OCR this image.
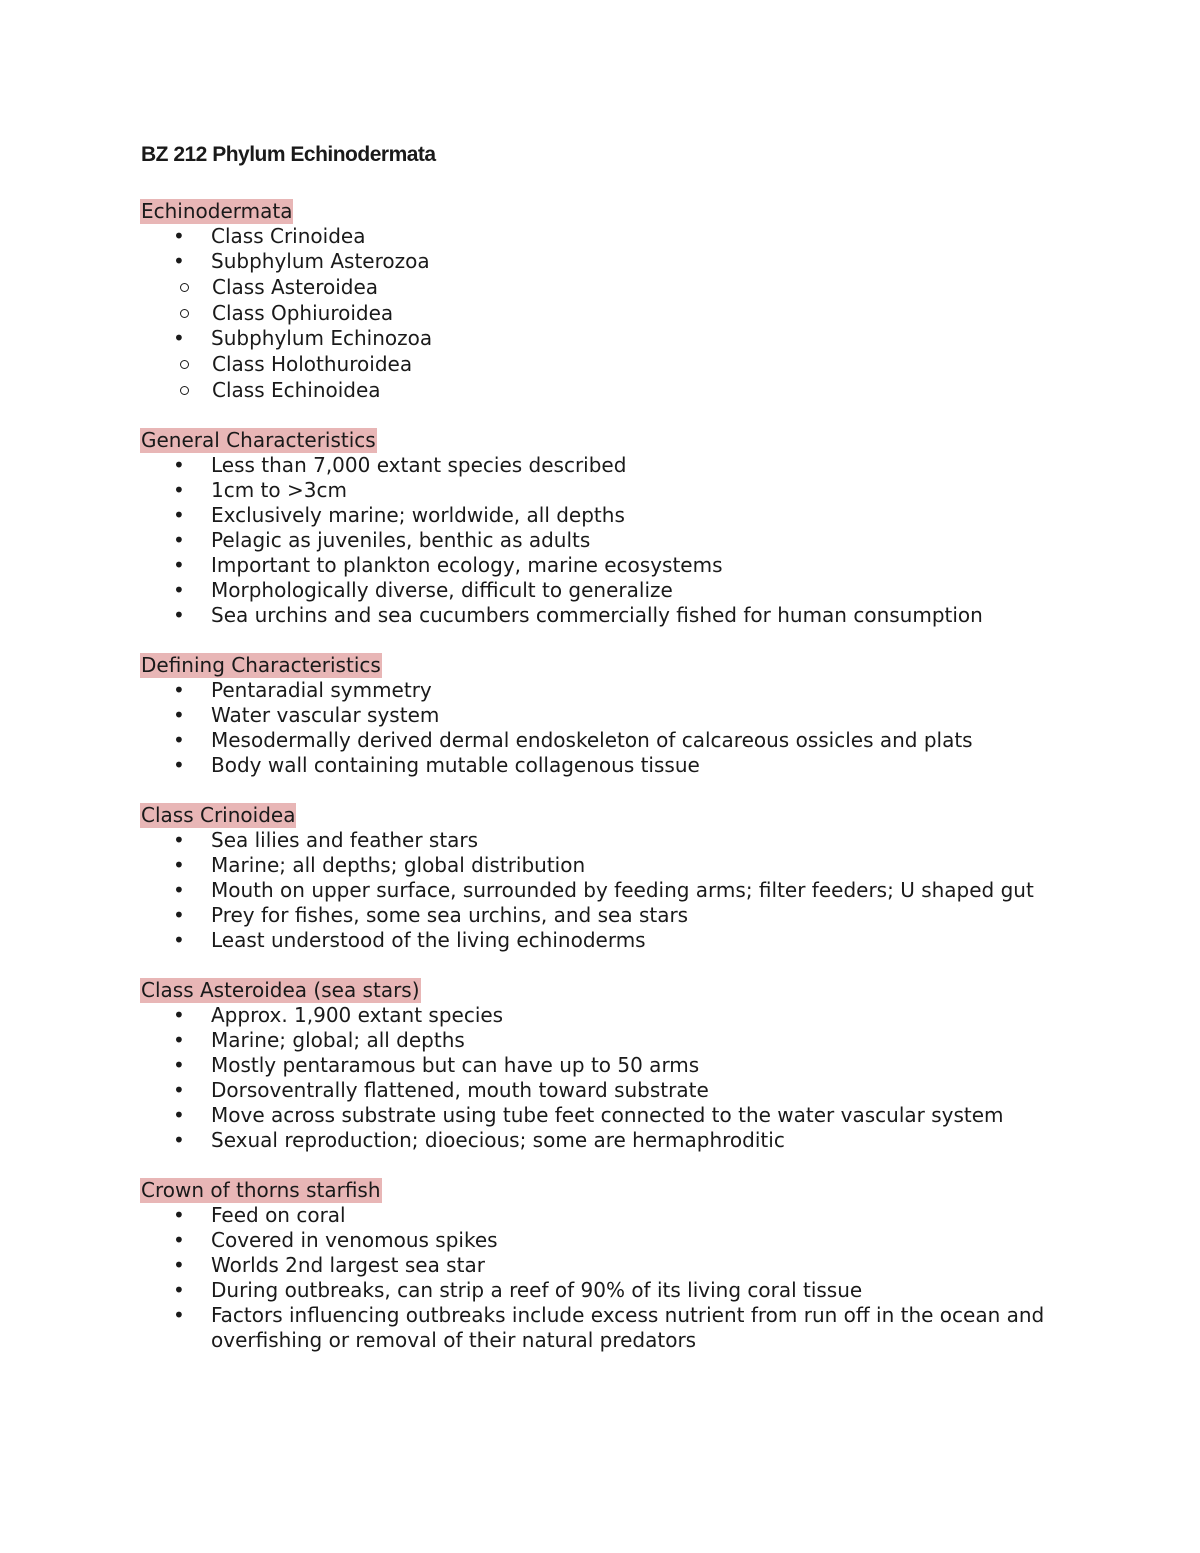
BZ 212 Phylum Echinodermata
Echinodermata
• Class Crinoidea
• Subphylum Asterozoa
Class Asteroidea
Class Ophiuroidea
• Subphylum Echinozoa
Class Holothuroidea
Class Echinoidea
General Characteristics
• Less than 7,000 extant species described
• 1cm to >3cm
• Exclusively marine; worldwide, all depths
• Pelagic as juveniles, benthic as adults
• Important to plankton ecology, marine ecosystems
• Morphologically diverse, difficult to generalize
• Sea urchins and sea cucumbers commercially fished for human consumption
Defining Characteristics
• Pentaradial symmetry
• Water vascular system
• Mesodermally derived dermal endoskeleton of calcareous ossicles and plats
• Body wall containing mutable collagenous tissue
Class Crinoidea
• Sea lilies and feather stars
• Marine; all depths; global distribution
• Mouth on upper surface, surrounded by feeding arms; filter feeders; U shaped gut
• Prey for fishes, some sea urchins, and sea stars
• Least understood of the living echinoderms
Class Asteroidea (sea stars)
• Approx. 1,900 extant species
• Marine; global; all depths
• Mostly pentaramous but can have up to 50 arms
• Dorsoventrally flattened, mouth toward substrate
• Move across substrate using tube feet connected to the water vascular system
• Sexual reproduction; dioecious; some are hermaphroditic
Crown of thorns starfish
• Feed on coral
• Covered in venomous spikes
• Worlds 2nd largest sea star
• During outbreaks, can strip a reef of 90% of its living coral tissue
• Factors influencing outbreaks include excess nutrient from run off in the ocean and overfishing or removal of their natural predators
